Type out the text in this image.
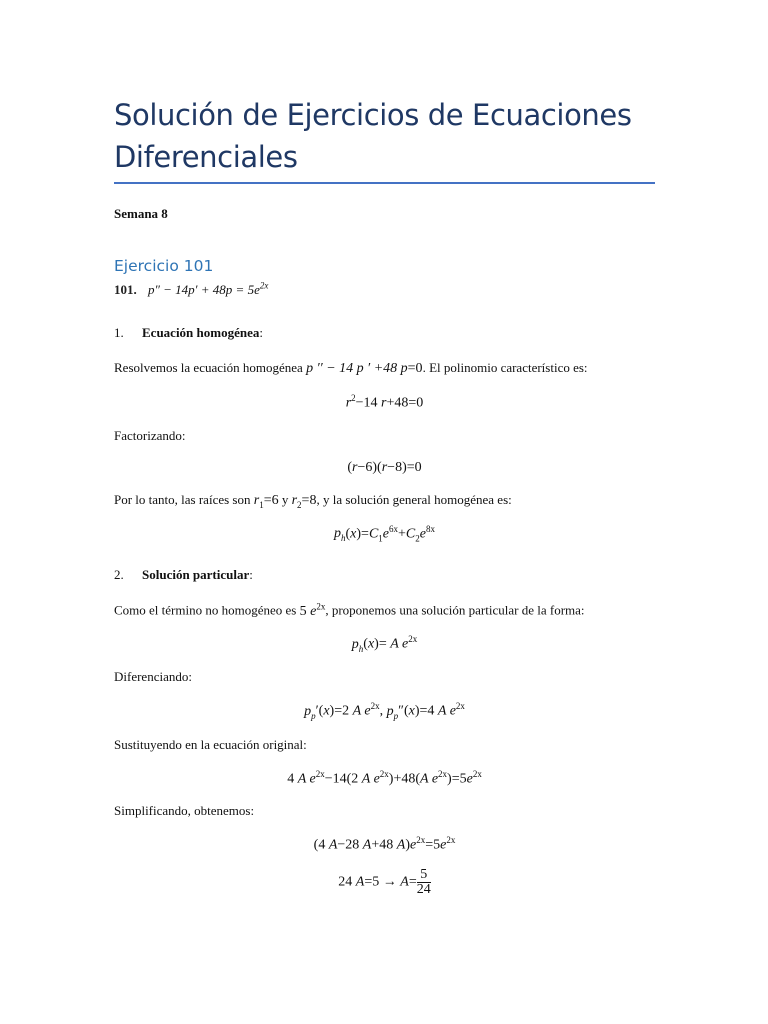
Solución de Ejercicios de Ecuaciones Diferenciales
Semana 8
Ejercicio 101
101. $p'' - 14p' + 48p = 5e^{2x}$
1. Ecuación homogénea:

Resolvemos la ecuación homogénea p ′′ − 14 p ′ +48 p=0. El polinomio característico es:

$r^2-14$ r+48=0

Factorizando:

(r−6)(r−8)=0

Por lo tanto, las raíces son $r_1=6$ y $r_2=8$, y la solución general homogénea es:

$p_h(x)=C_1e^{6x}+C_2e^{8x}$
2. Solución particular:

Como el término no homogéneo es 5 $e^{2x}$, proponemos una solución particular de la forma:

$p_h(x)= A$ $e^{2x}$

Diferenciando:

$p_p'(x)=2$ A $e^{2x}$, $p_p''(x)=4$ A $e^{2x}$

Sustituyendo en la ecuación original:

4 A $e^{2x}-14(2$ A $e^{2x})+48(A$ $e^{2x})=5e^{2x}$

Simplificando, obtenemos:

(4 A−28 A+48 $A)e^{2x}=5e^{2x}$
24 $A=5 \to A= \frac{5}{24}$
